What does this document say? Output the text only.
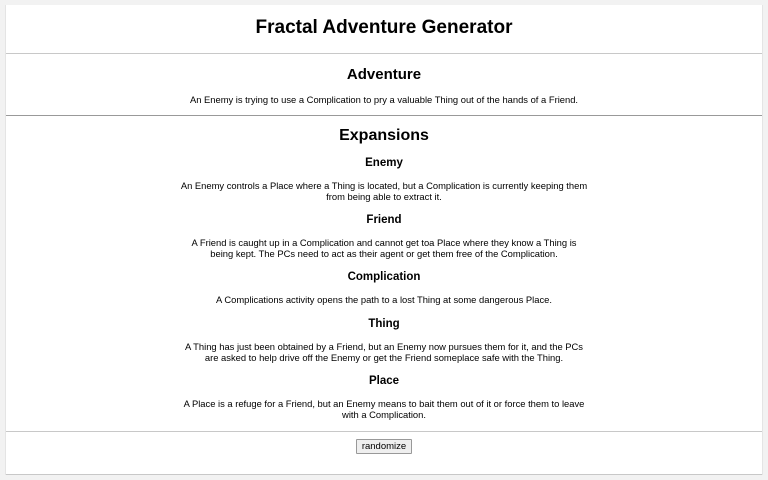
Fractal Adventure Generator
Adventure

An Enemy is trying to use a Complication to pry a valuable Thing out of the hands of a Friend.

Expansions
Enemy

An Enemy controls a Place where a Thing is located, but a Complication is currently keeping them from being able to extract it.

Friend

A Friend is caught up in a Complication and cannot get toa Place where they know a Thing is being kept. The PCs need to act as their agent or get them free of the Complication.

Complication

A Complications activity opens the path to a lost Thing at some dangerous Place.

Thing

A Thing has just been obtained by a Friend, but an Enemy now pursues them for it, and the PCs are asked to help drive off the Enemy or get the Friend someplace safe with the Thing.

Place

A Place is a refuge for a Friend, but an Enemy means to bait them out of it or force them to leave with a Complication.

randomize
